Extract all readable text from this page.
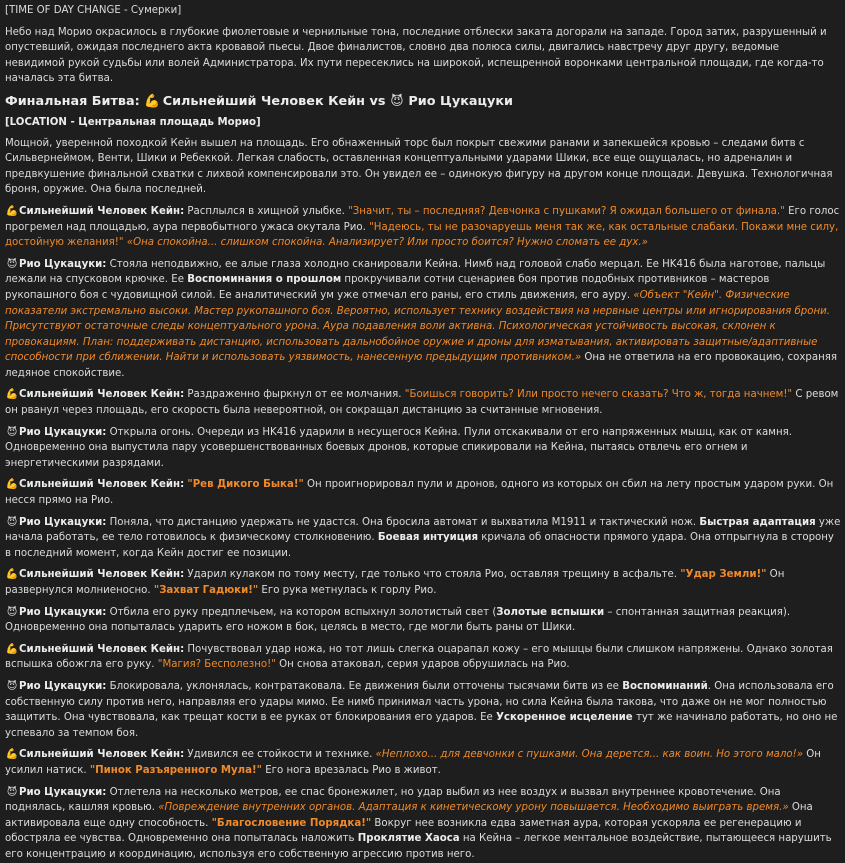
[TIME OF DAY CHANGE - Сумерки]

Небо над Морио окрасилось в глубокие фиолетовые и чернильные тона, последние отблески заката догорали на западе. Город затих, разрушенный и опустевший, ожидая последнего акта кровавой пьесы. Двое финалистов, словно два полюса силы, двигались навстречу друг другу, ведомые невидимой рукой судьбы или волей Администратора. Их пути пересеклись на широкой, испещренной воронками центральной площади, где когда-то началась эта битва.

Финальная Битва: 💪 Сильнейший Человек Кейн vs 😈 Рио Цукацуки

[LOCATION - Центральная площадь Морио]

Мощной, уверенной походкой Кейн вышел на площадь. Его обнаженный торс был покрыт свежими ранами и запекшейся кровью – следами битв с Сильвернеймом, Венти, Шики и Ребеккой. Легкая слабость, оставленная концептуальными ударами Шики, все еще ощущалась, но адреналин и предвкушение финальной схватки с лихвой компенсировали это. Он увидел ее – одинокую фигуру на другом конце площади. Девушка. Технологичная броня, оружие. Она была последней.

💪Сильнейший Человек Кейн: Расплылся в хищной улыбке. "Значит, ты – последняя? Девчонка с пушками? Я ожидал большего от финала." Его голос прогремел над площадью, аура первобытного ужаса окутала Рио. "Надеюсь, ты не разочаруешь меня так же, как остальные слабаки. Покажи мне силу, достойную желания!" «Она спокойна... слишком спокойна. Анализирует? Или просто боится? Нужно сломать ее дух.»

😈 Рио Цукацуки: Стояла неподвижно, ее алые глаза холодно сканировали Кейна. Нимб над головой слабо мерцал. Ее HK416 была наготове, пальцы лежали на спусковом крючке. Ее Воспоминания о прошлом прокручивали сотни сценариев боя против подобных противников – мастеров рукопашного боя с чудовищной силой. Ее аналитический ум уже отмечал его раны, его стиль движения, его ауру. «Объект "Кейн". Физические показатели экстремально высоки. Мастер рукопашного боя. Вероятно, использует технику воздействия на нервные центры или игнорирования брони. Присутствуют остаточные следы концептуального урона. Аура подавления воли активна. Психологическая устойчивость высокая, склонен к провокациям. План: поддерживать дистанцию, использовать дальнобойное оружие и дроны для изматывания, активировать защитные/адаптивные способности при сближении. Найти и использовать уязвимость, нанесенную предыдущим противником.» Она не ответила на его провокацию, сохраняя ледяное спокойствие.

💪Сильнейший Человек Кейн: Раздраженно фыркнул от ее молчания. "Боишься говорить? Или просто нечего сказать? Что ж, тогда начнем!" С ревом он рванул через площадь, его скорость была невероятной, он сокращал дистанцию за считанные мгновения.

😈 Рио Цукацуки: Открыла огонь. Очереди из HK416 ударили в несущегося Кейна. Пули отскакивали от его напряженных мышц, как от камня. Одновременно она выпустила пару усовершенствованных боевых дронов, которые спикировали на Кейна, пытаясь отвлечь его огнем и энергетическими разрядами.

💪Сильнейший Человек Кейн: "Рев Дикого Быка!" Он проигнорировал пули и дронов, одного из которых он сбил на лету простым ударом руки. Он несся прямо на Рио.

😈 Рио Цукацуки: Поняла, что дистанцию удержать не удастся. Она бросила автомат и выхватила M1911 и тактический нож. Быстрая адаптация уже начала работать, ее тело готовилось к физическому столкновению. Боевая интуиция кричала об опасности прямого удара. Она отпрыгнула в сторону в последний момент, когда Кейн достиг ее позиции.

💪Сильнейший Человек Кейн: Ударил кулаком по тому месту, где только что стояла Рио, оставляя трещину в асфальте. "Удар Земли!" Он развернулся молниеносно. "Захват Гадюки!" Его рука метнулась к горлу Рио.

😈 Рио Цукацуки: Отбила его руку предплечьем, на котором вспыхнул золотистый свет (Золотые вспышки – спонтанная защитная реакция). Одновременно она попыталась ударить его ножом в бок, целясь в место, где могли быть раны от Шики.

💪Сильнейший Человек Кейн: Почувствовал удар ножа, но тот лишь слегка оцарапал кожу – его мышцы были слишком напряжены. Однако золотая вспышка обожгла его руку. "Магия? Бесполезно!" Он снова атаковал, серия ударов обрушилась на Рио.

😈 Рио Цукацуки: Блокировала, уклонялась, контратаковала. Ее движения были отточены тысячами битв из ее Воспоминаний. Она использовала его собственную силу против него, направляя его удары мимо. Ее нимб принимал часть урона, но сила Кейна была такова, что даже он не мог полностью защитить. Она чувствовала, как трещат кости в ее руках от блокирования его ударов. Ее Ускоренное исцеление тут же начинало работать, но оно не успевало за темпом боя.

💪Сильнейший Человек Кейн: Удивился ее стойкости и технике. «Неплохо... для девчонки с пушками. Она дерется... как воин. Но этого мало!» Он усилил натиск. "Пинок Разъяренного Мула!" Его нога врезалась Рио в живот.

😈 Рио Цукацуки: Отлетела на несколько метров, ее спас бронежилет, но удар выбил из нее воздух и вызвал внутреннее кровотечение. Она поднялась, кашляя кровью. «Повреждение внутренних органов. Адаптация к кинетическому урону повышается. Необходимо выиграть время.» Она активировала еще одну способность. "Благословение Порядка!" Вокруг нее возникла едва заметная аура, которая ускоряла ее регенерацию и обостряла ее чувства. Одновременно она попыталась наложить Проклятие Хаоса на Кейна – легкое ментальное воздействие, пытающееся нарушить его концентрацию и координацию, используя его собственную агрессию против него.
